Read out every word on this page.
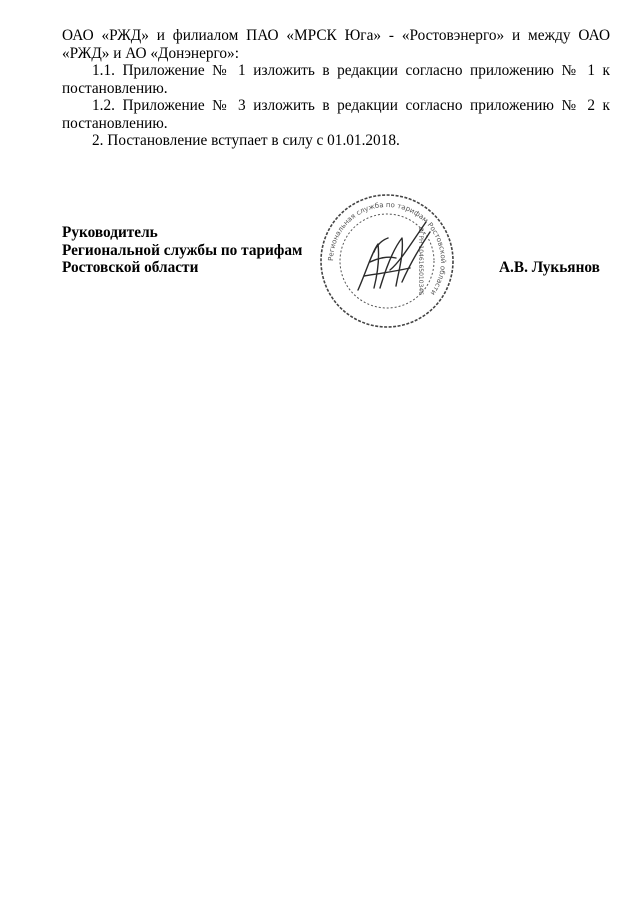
ОАО «РЖД» и филиалом ПАО «МРСК Юга» - «Ростовэнерго» и между ОАО «РЖД» и АО «Донэнерго»:

1.1. Приложение № 1 изложить в редакции согласно приложению № 1 к постановлению.

1.2. Приложение № 3 изложить в редакции согласно приложению № 2 к постановлению.

2. Постановление вступает в силу с 01.01.2018.

Руководитель
Региональной службы по тарифам
Ростовской области	А.В. Лукьянов
Региональная служба по тарифам Ростовской области
ОГРН 1046165010346
